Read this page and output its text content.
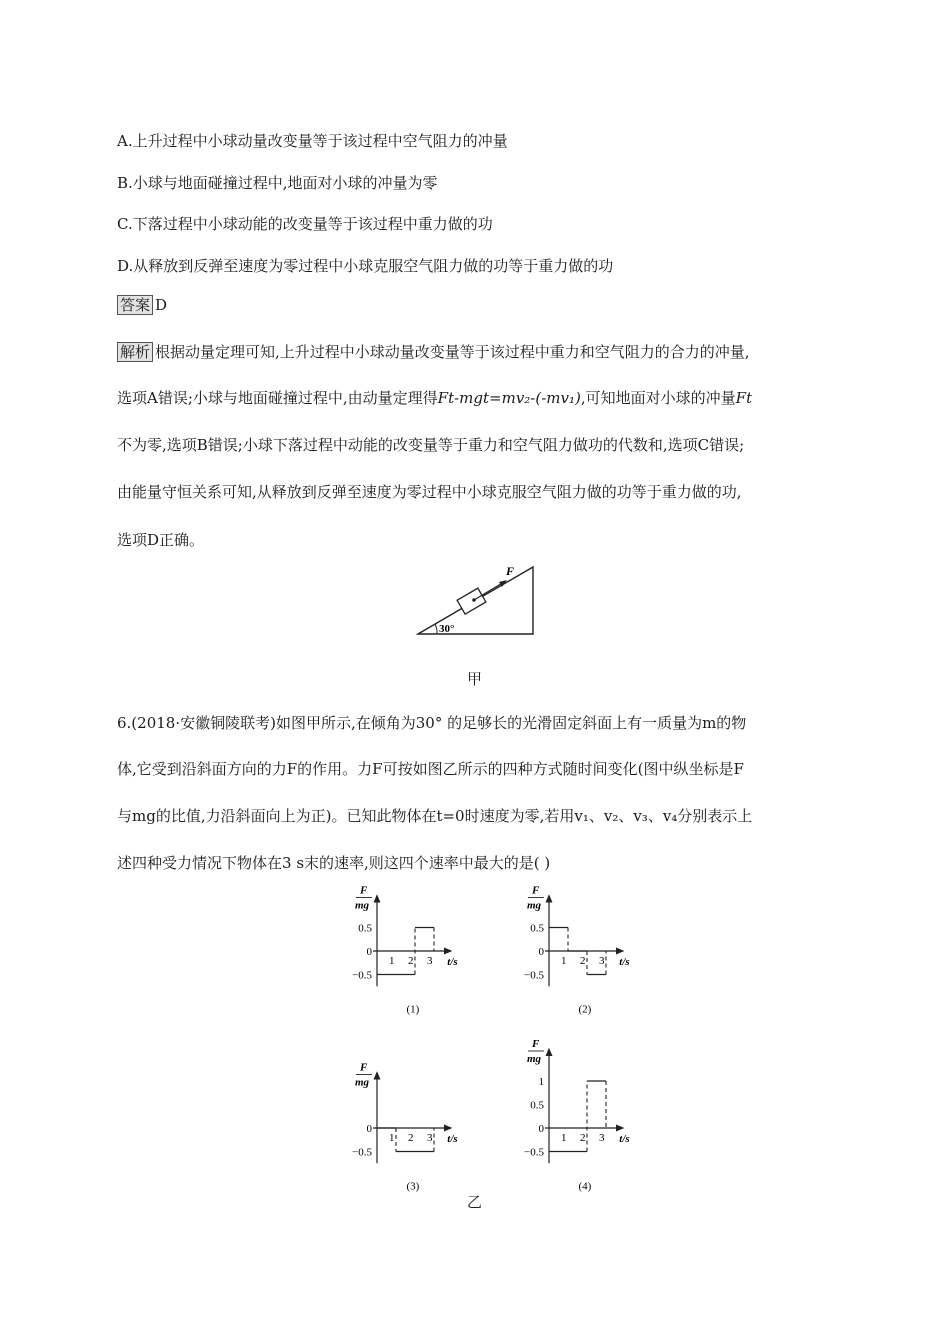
A.上升过程中小球动量改变量等于该过程中空气阻力的冲量
B.小球与地面碰撞过程中,地面对小球的冲量为零
C.下落过程中小球动能的改变量等于该过程中重力做的功
D.从释放到反弹至速度为零过程中小球克服空气阻力做的功等于重力做的功
答案 D
解析 根据动量定理可知,上升过程中小球动量改变量等于该过程中重力和空气阻力的合力的冲量,
选项A错误;小球与地面碰撞过程中,由动量定理得Ft-mgt=mv₂-(-mv₁),可知地面对小球的冲量Ft
不为零,选项B错误;小球下落过程中动能的改变量等于重力和空气阻力做功的代数和,选项C错误;
由能量守恒关系可知,从释放到反弹至速度为零过程中小球克服空气阻力做的功等于重力做的功,
选项D正确。
F
30°
甲
6.(2018·安徽铜陵联考)如图甲所示,在倾角为30° 的足够长的光滑固定斜面上有一质量为m的物
体,它受到沿斜面方向的力F的作用。力F可按如图乙所示的四种方式随时间变化(图中纵坐标是F
与mg的比值,力沿斜面向上为正)。已知此物体在t=0时速度为零,若用v₁、v₂、v₃、v₄分别表示上
述四种受力情况下物体在3 s末的速率,则这四个速率中最大的是( )
F
mg
t/s
0.5
0
−0.5
1 2 3
(1)
F
mg
t/s
0.5
0
−0.5
1 2 3
(2)
F
mg
t/s
0
−0.5
1 2 3
(3)
F
mg
t/s
1
0.5
0
−0.5
1 2 3
(4)
乙
